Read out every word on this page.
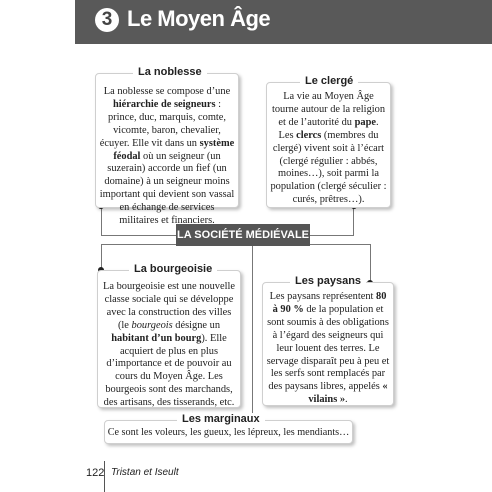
3 Le Moyen Âge
LA SOCIÉTÉ MÉDIÉVALE

La noblesse se compose d’une hiérarchie de seigneurs : prince, duc, marquis, comte, vicomte, baron, chevalier, écuyer. Elle vit dans un système féodal où un seigneur (un suzerain) accorde un fief (un domaine) à un seigneur moins important qui devient son vassal en échange de services militaires et financiers.

La noblesse

La vie au Moyen Âge tourne autour de la religion et de l’autorité du pape. Les clercs (membres du clergé) vivent soit à l’écart (clergé régulier : abbés, moines…), soit parmi la population (clergé séculier : curés, prêtres…).

Le clergé

La bourgeoisie est une nouvelle classe sociale qui se développe avec la construction des villes (le bourgeois désigne un habitant d’un bourg). Elle acquiert de plus en plus d’importance et de pouvoir au cours du Moyen Âge. Les bourgeois sont des marchands, des artisans, des tisserands, etc.

La bourgeoisie

Les paysans représentent 80 à 90 % de la population et sont soumis à des obligations à l’égard des seigneurs qui leur louent des terres. Le servage disparaît peu à peu et les serfs sont remplacés par des paysans libres, appelés « vilains ».

Les paysans

Ce sont les voleurs, les gueux, les lépreux, les mendiants…

Les marginaux
122 Tristan et Iseult
